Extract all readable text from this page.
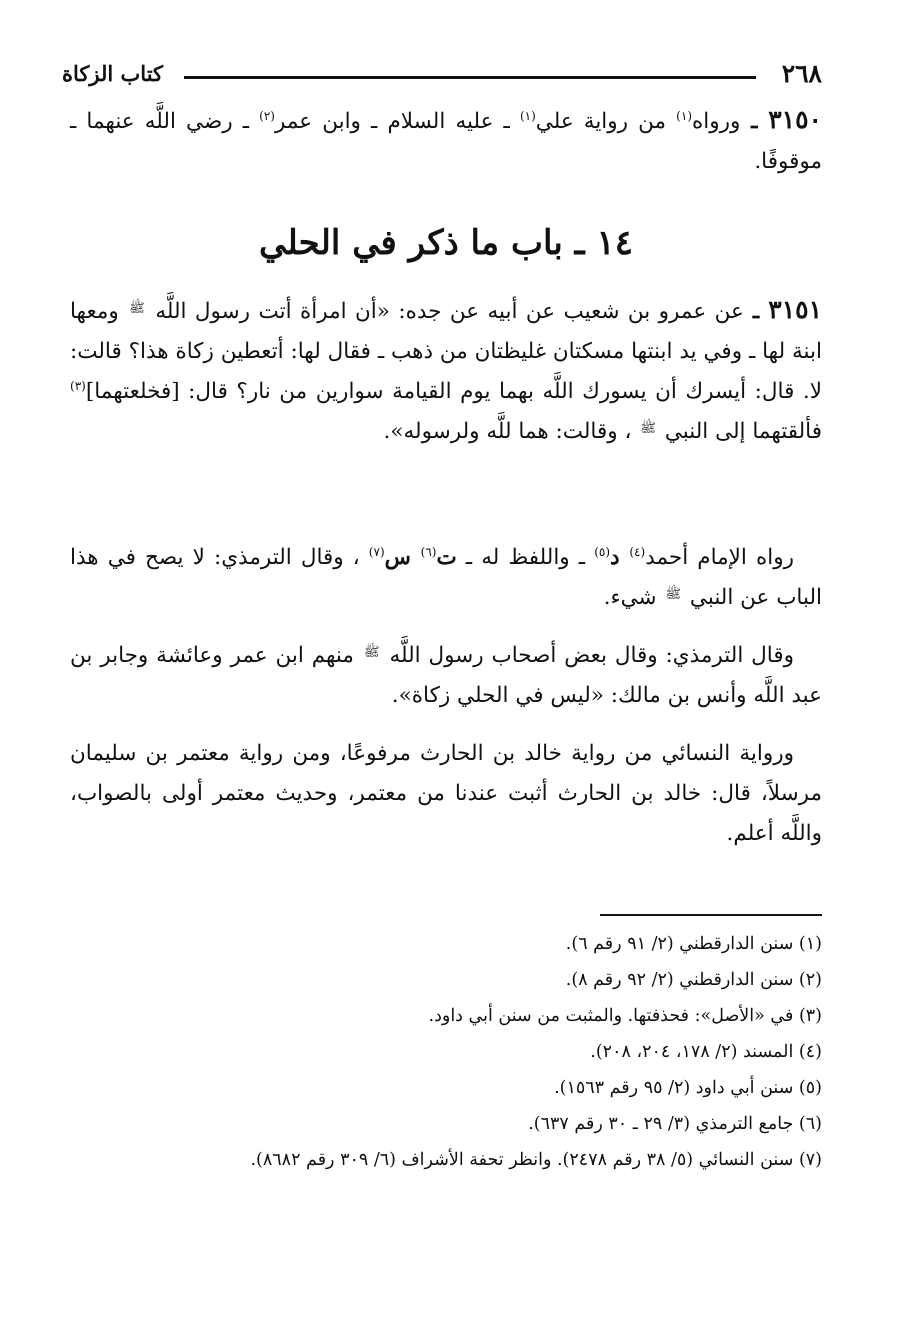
٢٦٨
كتاب الزكاة

٣١٥٠ ـ ورواه$^{(١)}$ من رواية علي$^{(١)}$ ـ عليه السلام ـ وابن عمر$^{(٢)}$ ـ رضي اللَّه عنهما ـ موقوفًا.

١٤ ـ باب ما ذكر في الحلي

٣١٥١ ـ عن عمرو بن شعيب عن أبيه عن جده: «أن امرأة أتت رسول اللَّه $^ﷺ$ ومعها ابنة لها ـ وفي يد ابنتها مسكتان غليظتان من ذهب ـ فقال لها: أتعطين زكاة هذا؟ قالت: لا. قال: أيسرك أن يسورك اللَّه بهما يوم القيامة سوارين من نار؟ قال: [فخلعتهما]$^{(٣)}$ فألقتهما إلى النبي $^ﷺ$ ، وقالت: هما للَّه ولرسوله».

رواه الإمام أحمد$^{(٤)}$ د$^{(٥)}$ ـ واللفظ له ـ ت$^{(٦)}$ س$^{(٧)}$ ، وقال الترمذي: لا يصح في هذا الباب عن النبي $^ﷺ$ شيء.

وقال الترمذي: وقال بعض أصحاب رسول اللَّه $^ﷺ$ منهم ابن عمر وعائشة وجابر بن عبد اللَّه وأنس بن مالك: «ليس في الحلي زكاة».

ورواية النسائي من رواية خالد بن الحارث مرفوعًا، ومن رواية معتمر بن سليمان مرسلاً، قال: خالد بن الحارث أثبت عندنا من معتمر، وحديث معتمر أولى بالصواب، واللَّه أعلم.

(١) سنن الدارقطني (٢/ ٩١ رقم ٦).
(٢) سنن الدارقطني (٢/ ٩٢ رقم ٨).
(٣) في «الأصل»: فحذفتها. والمثبت من سنن أبي داود.
(٤) المسند (٢/ ١٧٨، ٢٠٤، ٢٠٨).
(٥) سنن أبي داود (٢/ ٩٥ رقم ١٥٦٣).
(٦) جامع الترمذي (٣/ ٢٩ ـ ٣٠ رقم ٦٣٧).
(٧) سنن النسائي (٥/ ٣٨ رقم ٢٤٧٨). وانظر تحفة الأشراف (٦/ ٣٠٩ رقم ٨٦٨٢).
